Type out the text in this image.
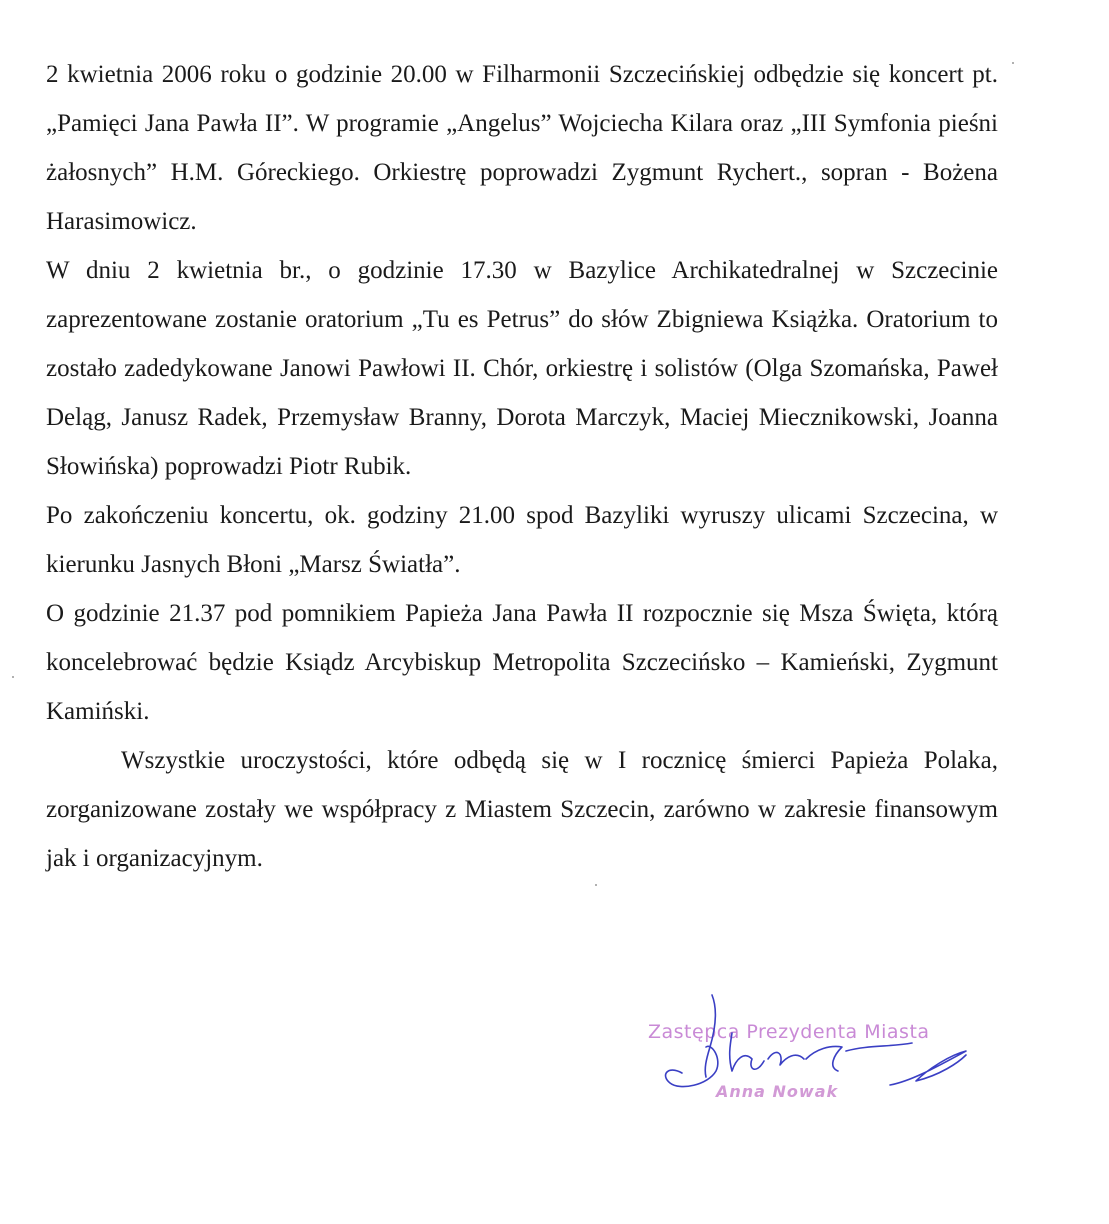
2 kwietnia 2006 roku o godzinie 20.00 w Filharmonii Szczecińskiej odbędzie się koncert pt. „Pamięci Jana Pawła II”. W programie „Angelus” Wojciecha Kilara oraz „III Symfonia pieśni żałosnych” H.M. Góreckiego. Orkiestrę poprowadzi Zygmunt Rychert., sopran - Bożena Harasimowicz.

W dniu 2 kwietnia br., o godzinie 17.30 w Bazylice Archikatedralnej w Szczecinie zaprezentowane zostanie oratorium „Tu es Petrus” do słów Zbigniewa Książka. Oratorium to zostało zadedykowane Janowi Pawłowi II. Chór, orkiestrę i solistów (Olga Szomańska, Paweł Deląg, Janusz Radek, Przemysław Branny, Dorota Marczyk, Maciej Miecznikowski, Joanna Słowińska) poprowadzi Piotr Rubik.

Po zakończeniu koncertu, ok. godziny 21.00 spod Bazyliki wyruszy ulicami Szczecina, w kierunku Jasnych Błoni „Marsz Światła”.

O godzinie 21.37 pod pomnikiem Papieża Jana Pawła II rozpocznie się Msza Święta, którą koncelebrować będzie Ksiądz Arcybiskup Metropolita Szczecińsko – Kamieński, Zygmunt Kamiński.

Wszystkie uroczystości, które odbędą się w I rocznicę śmierci Papieża Polaka, zorganizowane zostały we współpracy z Miastem Szczecin, zarówno w zakresie finansowym jak i organizacyjnym.

Zastępca Prezydenta Miasta
Anna Nowak
